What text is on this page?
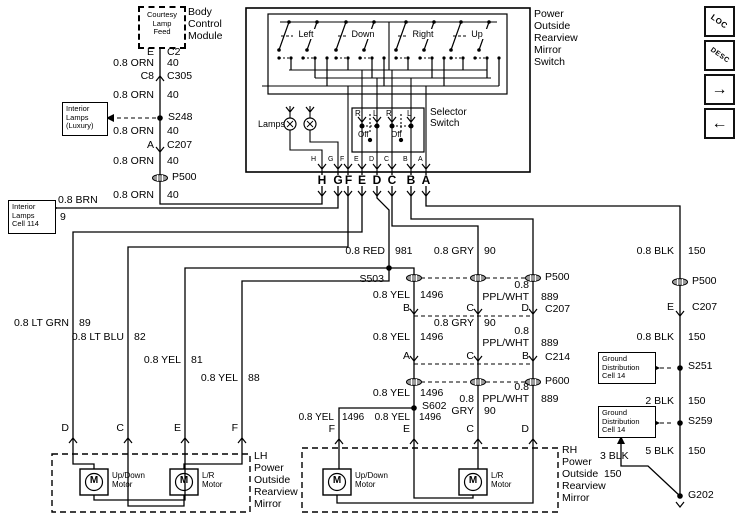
Courtesy
Lamp
Feed
Body
Control
Module
Interior
Lamps
(Luxury)
Interior
Lamps
Cell 114
Ground
Distribution
Cell 14
Ground
Distribution
Cell 14
E C2
0.8 ORN 40
C8 C305
0.8 ORN 40
S248
0.8 ORN 40
A C207
0.8 ORN 40
P500
0.8 ORN 40
0.8 BRN
9
Power
Outside
Rearview
Mirror
Switch
Left	Down	Right	Up
Lamps
Selector
Switch
R L
Off
R L
Off
H G F E D C B A
H G F E D C B A
0.8 RED 981
S503
0.8 GRY 90
P500
0.8 YEL 1496
0.8
PPL/WHT 889
B	C	D C207
0.8 GRY 90
0.8 YEL 1496	0.8
PPL/WHT 889
A	C	B C214
P600
0.8 YEL 1496
S602
0.8
GRY 90
0.8
PPL/WHT 889
0.8 YEL 1496	0.8 YEL 1496
F	E	C	D
0.8 LT GRN 89
0.8 LT BLU 82
0.8 YEL 81
0.8 YEL 88
D	C	E	F
LH
Power
Outside
Rearview
Mirror
RH
Power
Outside
Rearview
Mirror
M	M	M	M
Up/Down
Motor
L/R
Motor
Up/Down
Motor
L/R
Motor
0.8 BLK 150
P500
E C207
0.8 BLK 150
S251
2 BLK 150
S259
5 BLK 150
3 BLK
150
G202
LOC
DESC
→
←
